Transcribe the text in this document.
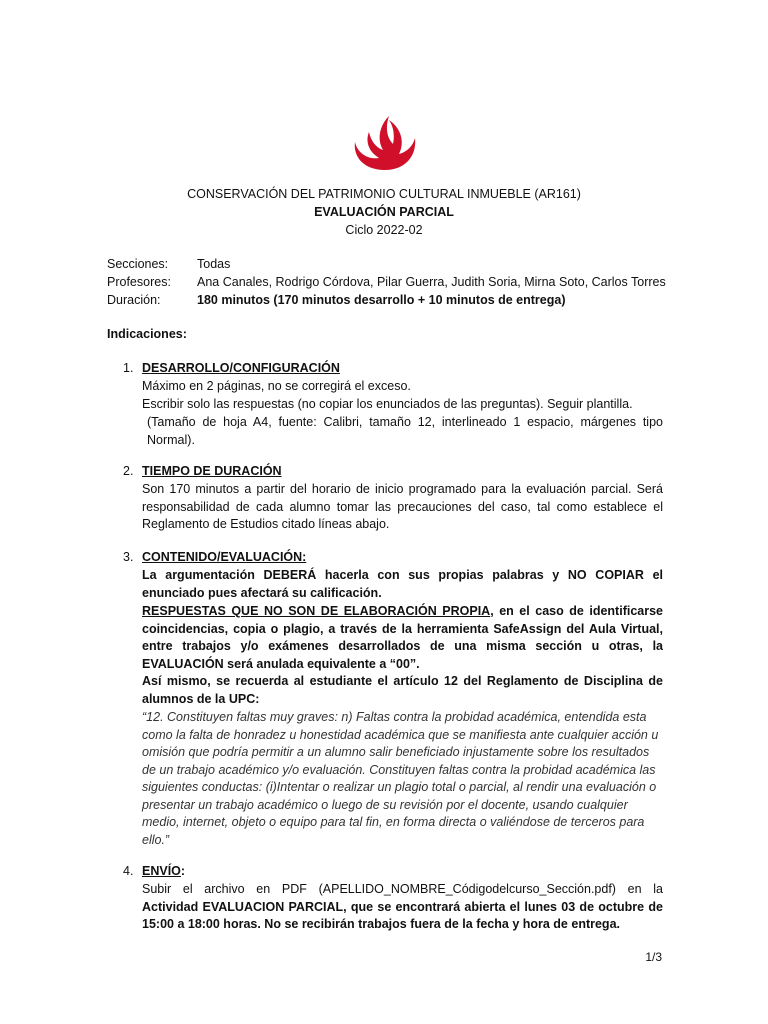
CONSERVACIÓN DEL PATRIMONIO CULTURAL INMUEBLE (AR161)
EVALUACIÓN PARCIAL
Ciclo 2022-02
Secciones: Todas
Profesores: Ana Canales, Rodrigo Córdova, Pilar Guerra, Judith Soria, Mirna Soto, Carlos Torres
Duración:	180 minutos (170 minutos desarrollo + 10 minutos de entrega)
Indicaciones:
1. DESARROLLO/CONFIGURACIÓN
Máximo en 2 páginas, no se corregirá el exceso.
Escribir solo las respuestas (no copiar los enunciados de las preguntas). Seguir plantilla.
(Tamaño de hoja A4, fuente: Calibri, tamaño 12, interlineado 1 espacio, márgenes tipo Normal).
2. TIEMPO DE DURACIÓN
Son 170 minutos a partir del horario de inicio programado para la evaluación parcial. Será responsabilidad de cada alumno tomar las precauciones del caso, tal como establece el Reglamento de Estudios citado líneas abajo.
3. CONTENIDO/EVALUACIÓN:
La argumentación DEBERÁ hacerla con sus propias palabras y NO COPIAR el enunciado pues afectará su calificación.
RESPUESTAS QUE NO SON DE ELABORACIÓN PROPIA, en el caso de identificarse coincidencias, copia o plagio, a través de la herramienta SafeAssign del Aula Virtual, entre trabajos y/o exámenes desarrollados de una misma sección u otras, la EVALUACIÓN será anulada equivalente a “00”.
Así mismo, se recuerda al estudiante el artículo 12 del Reglamento de Disciplina de alumnos de la UPC:
“12. Constituyen faltas muy graves: n) Faltas contra la probidad académica, entendida esta como la falta de honradez u honestidad académica que se manifiesta ante cualquier acción u omisión que podría permitir a un alumno salir beneficiado injustamente sobre los resultados de un trabajo académico y/o evaluación. Constituyen faltas contra la probidad académica las siguientes conductas: (i)Intentar o realizar un plagio total o parcial, al rendir una evaluación o presentar un trabajo académico o luego de su revisión por el docente, usando cualquier medio, internet, objeto o equipo para tal fin, en forma directa o valiéndose de terceros para ello.”
4. ENVÍO:
Subir el archivo en PDF (APELLIDO_NOMBRE_Códigodelcurso_Sección.pdf) en la Actividad EVALUACION PARCIAL, que se encontrará abierta el lunes 03 de octubre de 15:00 a 18:00 horas. No se recibirán trabajos fuera de la fecha y hora de entrega.
1/3
